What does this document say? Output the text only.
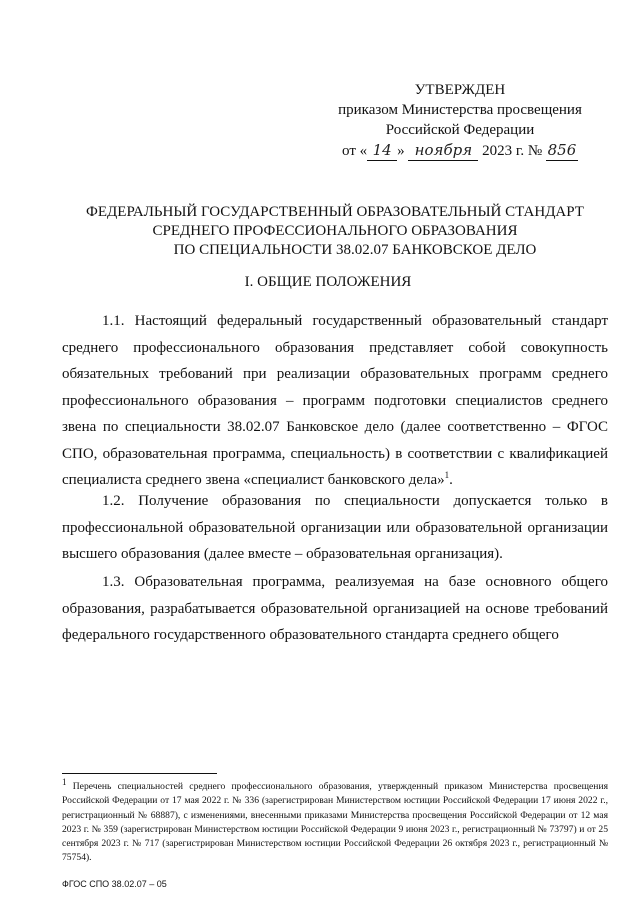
УТВЕРЖДЕН
приказом Министерства просвещения
Российской Федерации
от « 14 » ноября 2023 г. № 856
ФЕДЕРАЛЬНЫЙ ГОСУДАРСТВЕННЫЙ ОБРАЗОВАТЕЛЬНЫЙ СТАНДАРТ
СРЕДНЕГО ПРОФЕССИОНАЛЬНОГО ОБРАЗОВАНИЯ
ПО СПЕЦИАЛЬНОСТИ 38.02.07 БАНКОВСКОЕ ДЕЛО
I. ОБЩИЕ ПОЛОЖЕНИЯ

1.1. Настоящий федеральный государственный образовательный стандарт среднего профессионального образования представляет собой совокупность обязательных требований при реализации образовательных программ среднего профессионального образования – программ подготовки специалистов среднего звена по специальности 38.02.07 Банковское дело (далее соответственно – ФГОС СПО, образовательная программа, специальность) в соответствии с квалификацией специалиста среднего звена «специалист банковского дела»$^1$.

1.2. Получение образования по специальности допускается только в профессиональной образовательной организации или образовательной организации высшего образования (далее вместе – образовательная организация).

1.3. Образовательная программа, реализуемая на базе основного общего образования, разрабатывается образовательной организацией на основе требований федерального государственного образовательного стандарта среднего общего

$^1$ Перечень специальностей среднего профессионального образования, утвержденный приказом Министерства просвещения Российской Федерации от 17 мая 2022 г. № 336 (зарегистрирован Министерством юстиции Российской Федерации 17 июня 2022 г., регистрационный № 68887), с изменениями, внесенными приказами Министерства просвещения Российской Федерации от 12 мая 2023 г. № 359 (зарегистрирован Министерством юстиции Российской Федерации 9 июня 2023 г., регистрационный № 73797) и от 25 сентября 2023 г. № 717 (зарегистрирован Министерством юстиции Российской Федерации 26 октября 2023 г., регистрационный № 75754).

ФГОС СПО 38.02.07 – 05
